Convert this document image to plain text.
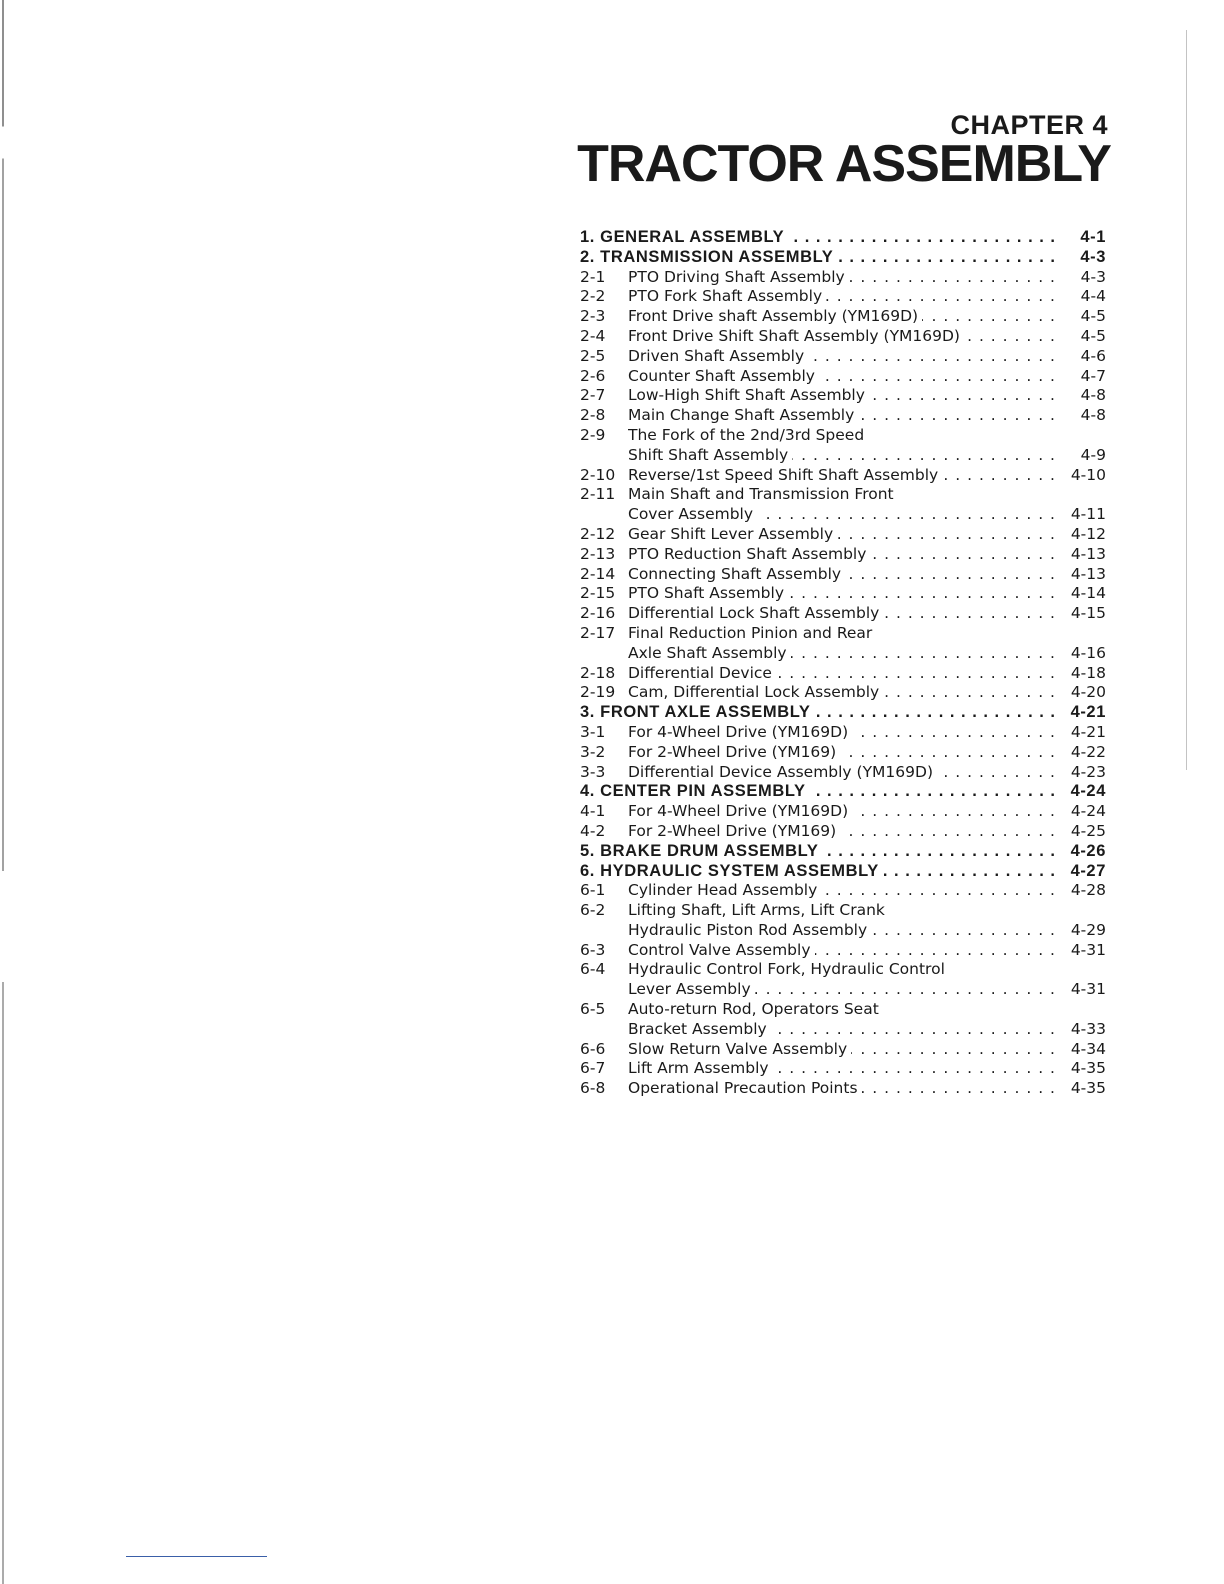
CHAPTER 4
TRACTOR ASSEMBLY
1. GENERAL ASSEMBLY . . .	4-1
2. TRANSMISSION ASSEMBLY . . .	4-3
2-1 PTO Driving Shaft Assembly . . .	4-3
2-2 PTO Fork Shaft Assembly . . .	4-4
2-3 Front Drive shaft Assembly (YM169D) . . .	4-5
2-4 Front Drive Shift Shaft Assembly (YM169D) . . .	4-5
2-5 Driven Shaft Assembly . . .	4-6
2-6 Counter Shaft Assembly . . .	4-7
2-7 Low-High Shift Shaft Assembly . . .	4-8
2-8 Main Change Shaft Assembly . . .	4-8
2-9 The Fork of the 2nd/3rd Speed
Shift Shaft Assembly . . .	4-9
2-10 Reverse/1st Speed Shift Shaft Assembly . . .	4-10
2-11 Main Shaft and Transmission Front
Cover Assembly . . .	4-11
2-12 Gear Shift Lever Assembly . . .	4-12
2-13 PTO Reduction Shaft Assembly . . .	4-13
2-14 Connecting Shaft Assembly . . .	4-13
2-15 PTO Shaft Assembly . . .	4-14
2-16 Differential Lock Shaft Assembly . . .	4-15
2-17 Final Reduction Pinion and Rear
Axle Shaft Assembly . . .	4-16
2-18 Differential Device . . .	4-18
2-19 Cam, Differential Lock Assembly . . .	4-20
3. FRONT AXLE ASSEMBLY . . .	4-21
3-1 For 4-Wheel Drive (YM169D) . . .	4-21
3-2 For 2-Wheel Drive (YM169) . . .	4-22
3-3 Differential Device Assembly (YM169D) . . .	4-23
4. CENTER PIN ASSEMBLY . . .	4-24
4-1 For 4-Wheel Drive (YM169D) . . .	4-24
4-2 For 2-Wheel Drive (YM169) . . .	4-25
5. BRAKE DRUM ASSEMBLY . . .	4-26
6. HYDRAULIC SYSTEM ASSEMBLY . . .	4-27
6-1 Cylinder Head Assembly . . .	4-28
6-2 Lifting Shaft, Lift Arms, Lift Crank
Hydraulic Piston Rod Assembly . . .	4-29
6-3 Control Valve Assembly . . .	4-31
6-4 Hydraulic Control Fork, Hydraulic Control
Lever Assembly . . .	4-31
6-5 Auto-return Rod, Operators Seat
Bracket Assembly . . .	4-33
6-6 Slow Return Valve Assembly . . .	4-34
6-7 Lift Arm Assembly . . .	4-35
6-8 Operational Precaution Points . . .	4-35
